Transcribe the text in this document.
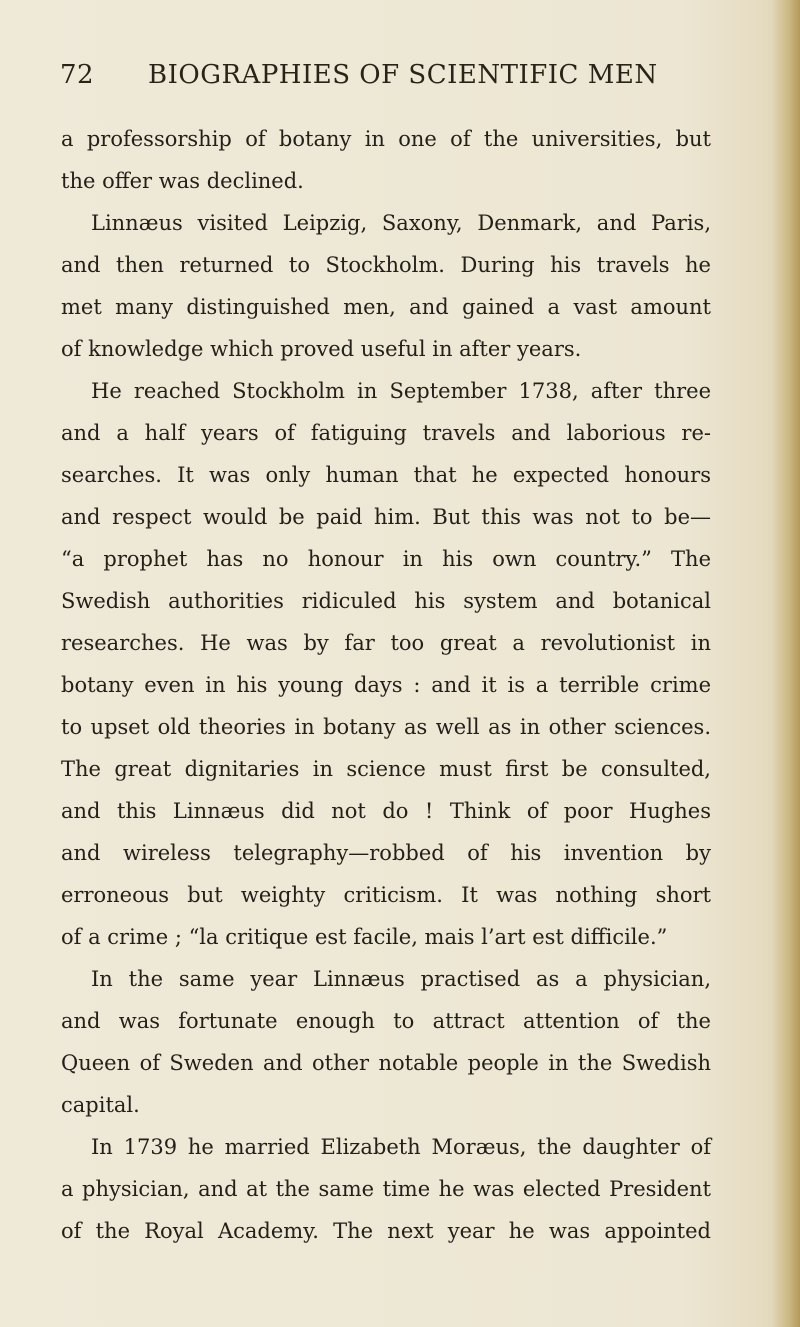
72 BIOGRAPHIES OF SCIENTIFIC MEN
a professorship of botany in one of the universities, but
the offer was declined.
Linnæus visited Leipzig, Saxony, Denmark, and Paris,
and then returned to Stockholm. During his travels he
met many distinguished men, and gained a vast amount
of knowledge which proved useful in after years.
He reached Stockholm in September 1738, after three
and a half years of fatiguing travels and laborious re-
searches. It was only human that he expected honours
and respect would be paid him. But this was not to be—
“a prophet has no honour in his own country.” The
Swedish authorities ridiculed his system and botanical
researches. He was by far too great a revolutionist in
botany even in his young days : and it is a terrible crime
to upset old theories in botany as well as in other sciences.
The great dignitaries in science must first be consulted,
and this Linnæus did not do ! Think of poor Hughes
and wireless telegraphy—robbed of his invention by
erroneous but weighty criticism. It was nothing short
of a crime ; “la critique est facile, mais l’art est difficile.”
In the same year Linnæus practised as a physician,
and was fortunate enough to attract attention of the
Queen of Sweden and other notable people in the Swedish
capital.
In 1739 he married Elizabeth Moræus, the daughter of
a physician, and at the same time he was elected President
of the Royal Academy. The next year he was appointed
